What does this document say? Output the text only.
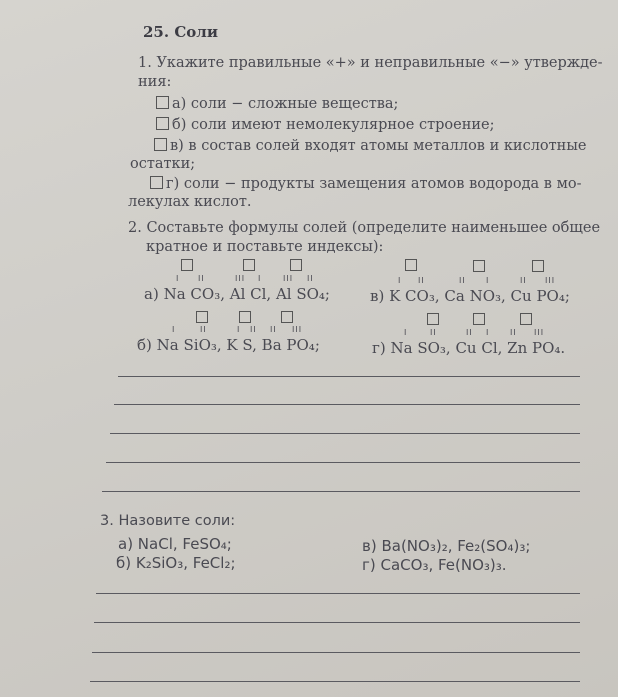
25. Соли
1. Укажите правильные «+» и неправильные «−» утвержде-
ния:
а) соли − сложные вещества;
б) соли имеют немолекулярное строение;
в) в состав солей входят атомы металлов и кислотные
остатки;
г) соли − продукты замещения атомов водорода в мо-
лекулах кислот.
2. Составьте формулы солей (определите наименьшее общее
кратное и поставьте индексы):
I II	III I	III II	I II	II	I	II III
а) Na CO₃, Al Cl, Al SO₄;	в) K CO₃, Ca NO₃, Cu PO₄;
I	II	I II II III	I	II	II I	II III
б) Na SiO₃, K S, Ba PO₄;	г) Na SO₃, Cu Cl, Zn PO₄.
3. Назовите соли:
а) NaCl, FeSO₄;
б) K₂SiO₃, FeCl₂;
в) Ba(NO₃)₂, Fe₂(SO₄)₃;
г) CaCO₃, Fe(NO₃)₃.
